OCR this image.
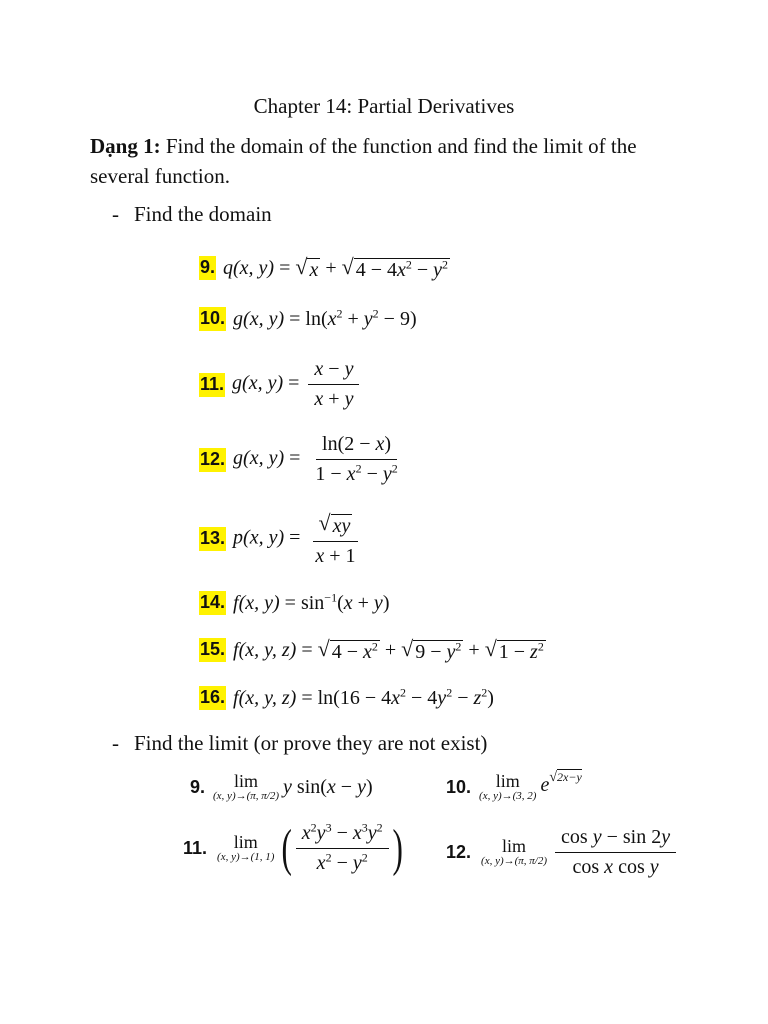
Chapter 14: Partial Derivatives
Dạng 1: Find the domain of the function and find the limit of the several function.
- Find the domain
9. q(x, y) = √ x + √ $4 - 4x^2 - y^2$
10. g(x, $y) = \ln(x^2 + y^2 - 9)$
11. g(x, $y) = \frac{x - y}{x + y}$
12. g(x, $y) = \frac{\ln(2 - x)}{1 - x^2 - y^2}$
13. p(x, $y) = \frac{√ xy}{x + 1}$
14. f(x, $y) = \sin^{-1}(x + y)$
15. f(x, y, z) = √ $4 - x^2$ + √ $9 - y^2$ + √ $1 - z^2$
16. f(x, y, $z) = \ln(16 - 4x^2 - 4y^2 - z^2)$
- Find the limit (or prove they are not exist)
9. lim
(x, y)→(π, π/2) y sin( x − y )	10. lim
(x, y)→(3, 2) $e^{√2x-y}$
11. lim
(x, y)→(1, 1) ( $\frac{x^2y^3 - x^3y^2}{x^2 - y^2}$ ) 12. lim
(x, y)→(π, $\pi/2) \frac{\text{cos y − sin 2y}}{\text{cos x cos y}}$
